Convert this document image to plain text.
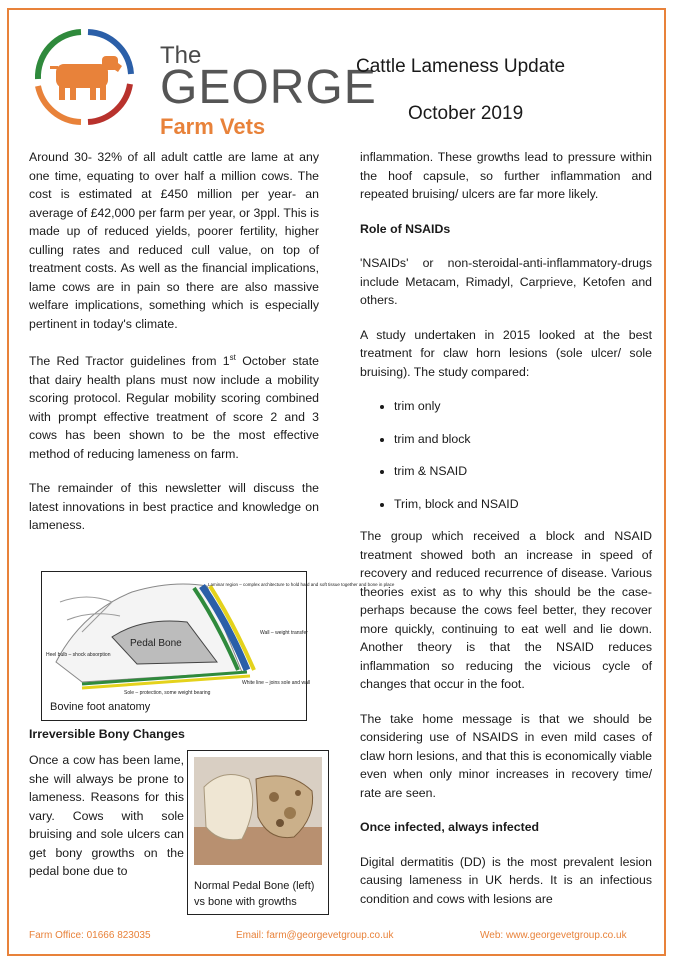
The
GEORGE
Farm Vets
Cattle Lameness Update
October 2019

Around 30- 32% of all adult cattle are lame at any one time, equating to over half a million cows. The cost is estimated at £450 million per year- an average of £42,000 per farm per year, or 3ppl. This is made up of reduced yields, poorer fertility, higher culling rates and reduced cull value, on top of treatment costs. As well as the financial implications, lame cows are in pain so there are also massive welfare implications, something which is especially pertinent in today's climate.

The Red Tractor guidelines from 1st October state that dairy health plans must now include a mobility scoring protocol. Regular mobility scoring combined with prompt effective treatment of score 2 and 3 cows has been shown to be the most effective method of reducing lameness on farm.

The remainder of this newsletter will discuss the latest innovations in best practice and knowledge on lameness.

Pedal Bone
Laminar region – complex architecture to hold hard and soft tissue together and bone in place
Wall – weight transfer
Heel bulb – shock absorption
White line – joins sole and wall
Sole – protection, some weight bearing
Bovine foot anatomy
Irreversible Bony Changes
Once a cow has been lame, she will always be prone to lameness. Reasons for this vary. Cows with sole bruising and sole ulcers can get bony growths on the pedal bone due to
Normal Pedal Bone (left) vs bone with growths

inflammation. These growths lead to pressure within the hoof capsule, so further inflammation and repeated bruising/ ulcers are far more likely.

Role of NSAIDs

'NSAIDs' or non-steroidal-anti-inflammatory-drugs include Metacam, Rimadyl, Carprieve, Ketofen and others.

A study undertaken in 2015 looked at the best treatment for claw horn lesions (sole ulcer/ sole bruising). The study compared:

• trim only
• trim and block
• trim & NSAID
• Trim, block and NSAID

The group which received a block and NSAID treatment showed both an increase in speed of recovery and reduced recurrence of disease. Various theories exist as to why this should be the case- perhaps because the cows feel better, they recover more quickly, continuing to eat well and lie down. Another theory is that the NSAID reduces inflammation so reducing the vicious cycle of changes that occur in the foot.

The take home message is that we should be considering use of NSAIDS in even mild cases of claw horn lesions, and that this is economically viable even when only minor increases in recovery time/ rate are seen.

Once infected, always infected

Digital dermatitis (DD) is the most prevalent lesion causing lameness in UK herds. It is an infectious condition and cows with lesions are

Farm Office: 01666 823035	Email: farm@georgevetgroup.co.uk	Web: www.georgevetgroup.co.uk
